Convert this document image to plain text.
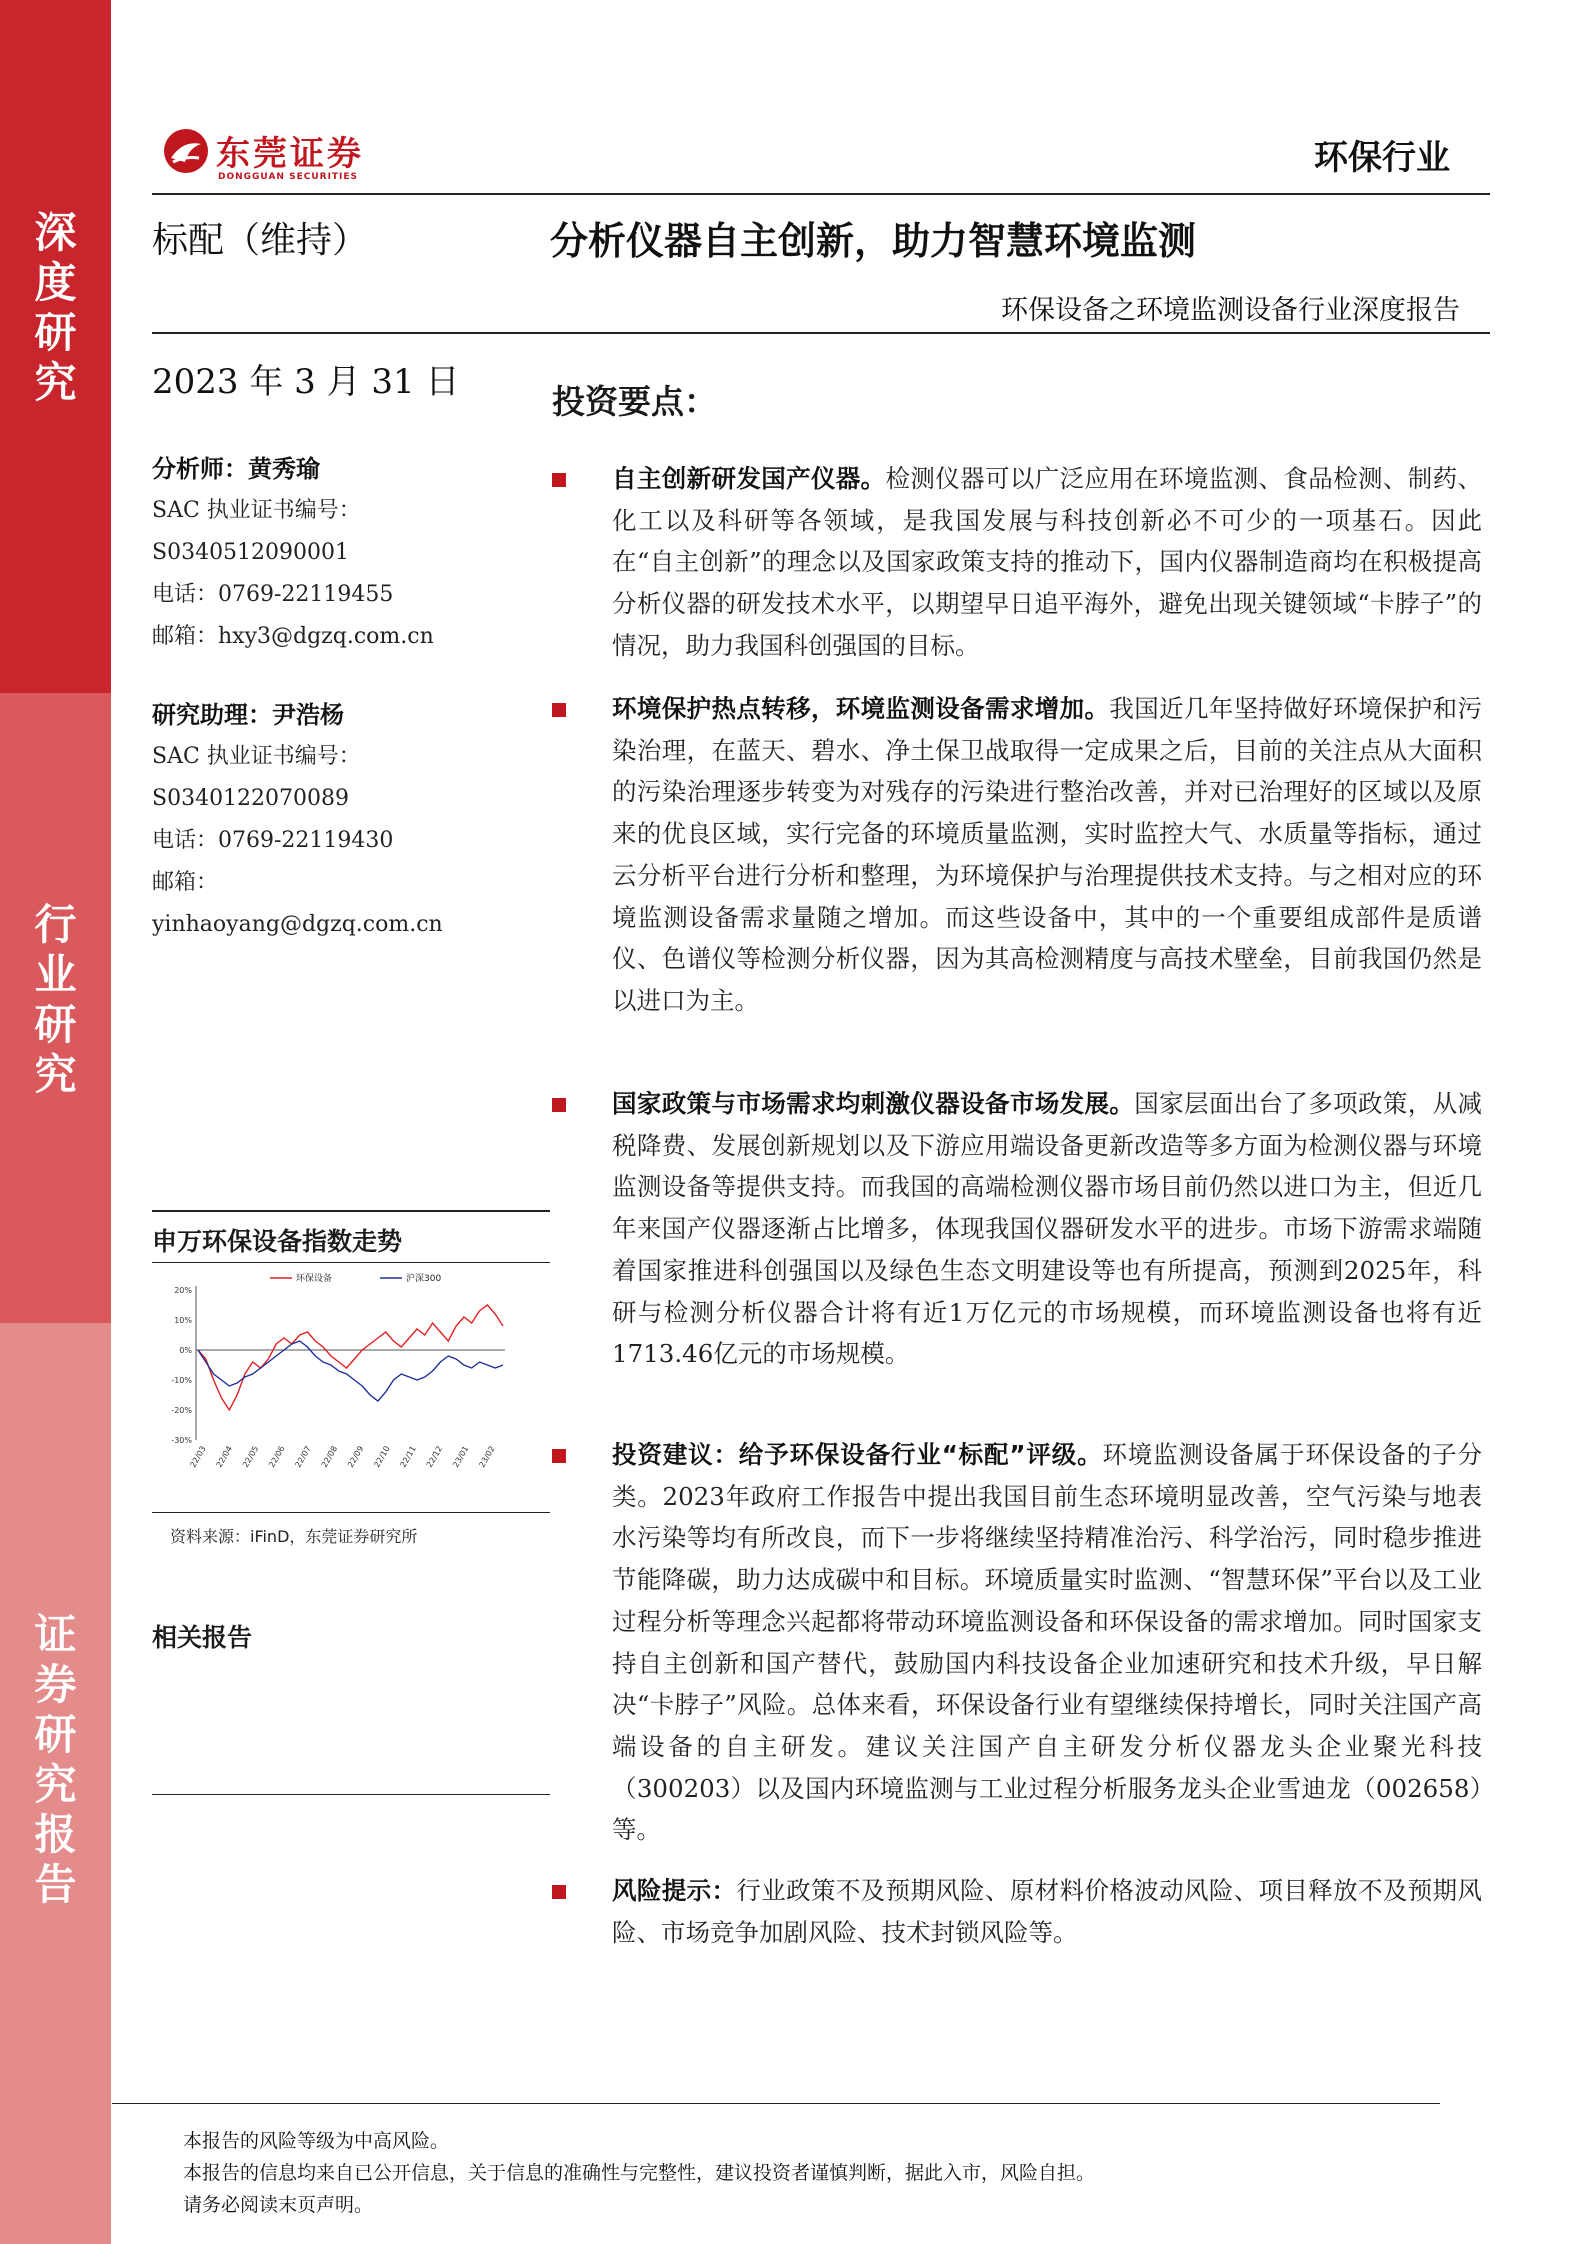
深
度
研
究
行
业
研
究
证
券
研
究
报
告
东莞证券
DONGGUAN SECURITIES	环保行业
标配（维持）	分析仪器自主创新，助力智慧环境监测
环保设备之环境监测设备行业深度报告
2023 年 3 月 31 日	投资要点：
分析师：黄秀瑜
SAC 执业证书编号：
S0340512090001
电话：0769-22119455
邮箱：hxy3@dgzq.com.cn
研究助理：尹浩杨
SAC 执业证书编号：
S0340122070089
电话：0769-22119430
邮箱：
yinhaoyang@dgzq.com.cn
自主创新研发国产仪器。检测仪器可以广泛应用在环境监测、食品检测、制药、化工以及科研等各领域，是我国发展与科技创新必不可少的一项基石。因此在“自主创新”的理念以及国家政策支持的推动下，国内仪器制造商均在积极提高分析仪器的研发技术水平，以期望早日追平海外，避免出现关键领域“卡脖子”的情况，助力我国科创强国的目标。
环境保护热点转移，环境监测设备需求增加。我国近几年坚持做好环境保护和污染治理，在蓝天、碧水、净土保卫战取得一定成果之后，目前的关注点从大面积的污染治理逐步转变为对残存的污染进行整治改善，并对已治理好的区域以及原来的优良区域，实行完备的环境质量监测，实时监控大气、水质量等指标，通过云分析平台进行分析和整理，为环境保护与治理提供技术支持。与之相对应的环境监测设备需求量随之增加。而这些设备中，其中的一个重要组成部件是质谱仪、色谱仪等检测分析仪器，因为其高检测精度与高技术壁垒，目前我国仍然是以进口为主。
国家政策与市场需求均刺激仪器设备市场发展。国家层面出台了多项政策，从减税降费、发展创新规划以及下游应用端设备更新改造等多方面为检测仪器与环境监测设备等提供支持。而我国的高端检测仪器市场目前仍然以进口为主，但近几年来国产仪器逐渐占比增多，体现我国仪器研发水平的进步。市场下游需求端随着国家推进科创强国以及绿色生态文明建设等也有所提高，预测到2025年，科研与检测分析仪器合计将有近1万亿元的市场规模，而环境监测设备也将有近1713.46亿元的市场规模。
投资建议：给予环保设备行业“标配”评级。环境监测设备属于环保设备的子分类。2023年政府工作报告中提出我国目前生态环境明显改善，空气污染与地表水污染等均有所改良，而下一步将继续坚持精准治污、科学治污，同时稳步推进节能降碳，助力达成碳中和目标。环境质量实时监测、“智慧环保”平台以及工业过程分析等理念兴起都将带动环境监测设备和环保设备的需求增加。同时国家支持自主创新和国产替代，鼓励国内科技设备企业加速研究和技术升级，早日解决“卡脖子”风险。总体来看，环保设备行业有望继续保持增长，同时关注国产高端设备的自主研发。建议关注国产自主研发分析仪器龙头企业聚光科技（300203）以及国内环境监测与工业过程分析服务龙头企业雪迪龙（002658）等。
风险提示：行业政策不及预期风险、原材料价格波动风险、项目释放不及预期风险、市场竞争加剧风险、技术封锁风险等。
申万环保设备指数走势
20%
10%
0%
-10%
-20%
-30%
22/03 22/04 22/05 22/06 22/07 22/08 22/09 22/10 22/11 22/12 23/01 23/02
环保设备	沪深300
资料来源：iFinD，东莞证券研究所
相关报告
本报告的风险等级为中高风险。
本报告的信息均来自已公开信息，关于信息的准确性与完整性，建议投资者谨慎判断，据此入市，风险自担。
请务必阅读末页声明。
